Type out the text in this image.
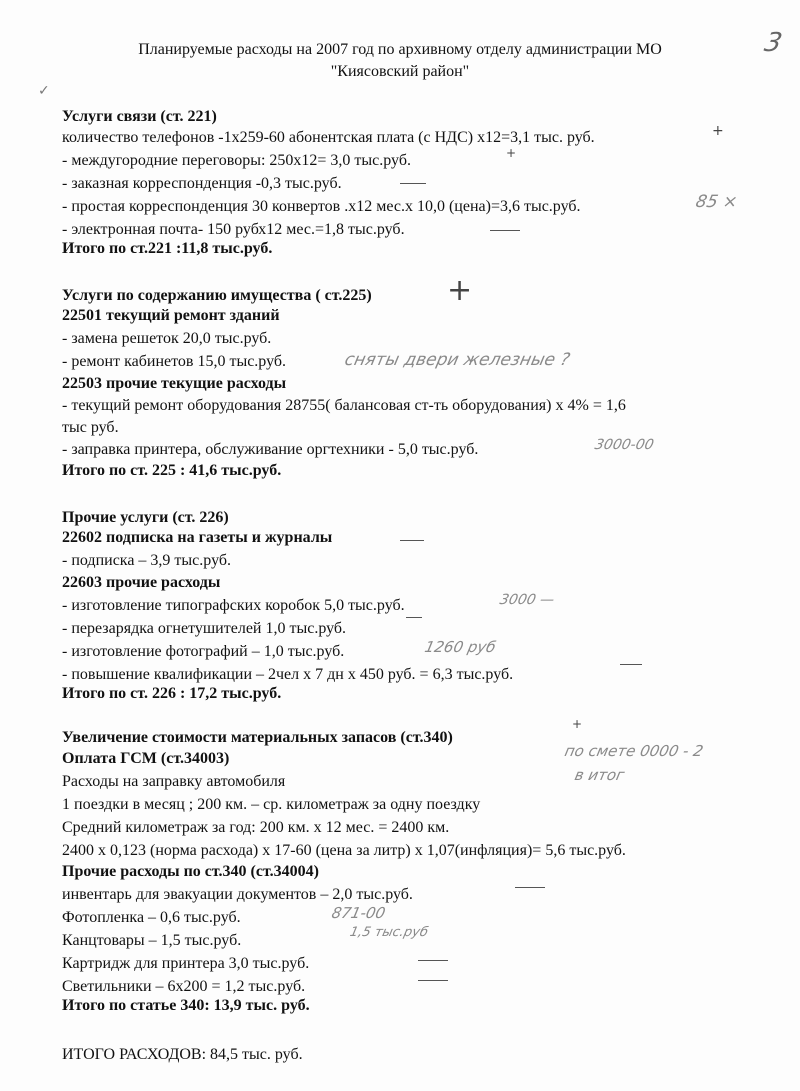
3
Планируемые расходы на 2007 год по архивному отделу администрации МО
"Киясовский район"
✓
Услуги связи (ст. 221)
количество телефонов -1х259-60 абонентская плата (с НДС) х12=3,1 тыс. руб.
- междугородние переговоры: 250х12= 3,0 тыс.руб.
- заказная корреспонденция -0,3 тыс.руб.
- простая корреспонденция 30 конвертов .х12 мес.х 10,0 (цена)=3,6 тыс.руб.
- электронная почта- 150 рубх12 мес.=1,8 тыс.руб.
Итого по ст.221 :11,8 тыс.руб.
Услуги по содержанию имущества ( ст.225)
22501 текущий ремонт зданий
- замена решеток 20,0 тыс.руб.
- ремонт кабинетов 15,0 тыс.руб.
22503 прочие текущие расходы
- текущий ремонт оборудования 28755( балансовая ст-ть оборудования) х 4% = 1,6
тыс руб.
- заправка принтера, обслуживание оргтехники - 5,0 тыс.руб.
Итого по ст. 225 : 41,6 тыс.руб.
Прочие услуги (ст. 226)
22602 подписка на газеты и журналы
- подписка – 3,9 тыс.руб.
22603 прочие расходы
- изготовление типографских коробок 5,0 тыс.руб.
- перезарядка огнетушителей 1,0 тыс.руб.
- изготовление фотографий – 1,0 тыс.руб.
- повышение квалификации – 2чел х 7 дн х 450 руб. = 6,3 тыс.руб.
Итого по ст. 226 : 17,2 тыс.руб.
Увеличение стоимости материальных запасов (ст.340)
Оплата ГСМ (ст.34003)
Расходы на заправку автомобиля
1 поездки в месяц ; 200 км. – ср. километраж за одну поездку
Средний километраж за год: 200 км. х 12 мес. = 2400 км.
2400 х 0,123 (норма расхода) х 17-60 (цена за литр) х 1,07(инфляция)= 5,6 тыс.руб.
Прочие расходы по ст.340 (ст.34004)
инвентарь для эвакуации документов – 2,0 тыс.руб.
Фотопленка – 0,6 тыс.руб.
Канцтовары – 1,5 тыс.руб.
Картридж для принтера 3,0 тыс.руб.
Светильники – 6х200 = 1,2 тыс.руб.
Итого по статье 340: 13,9 тыс. руб.
ИТОГО РАСХОДОВ: 84,5 тыс. руб.
+
+
85 ×
+
сняты двери железные ?
3000-00
3000 —
1260 руб
+
по смете 0000 - 2
в итог
871-00
1,5 тыс.руб
